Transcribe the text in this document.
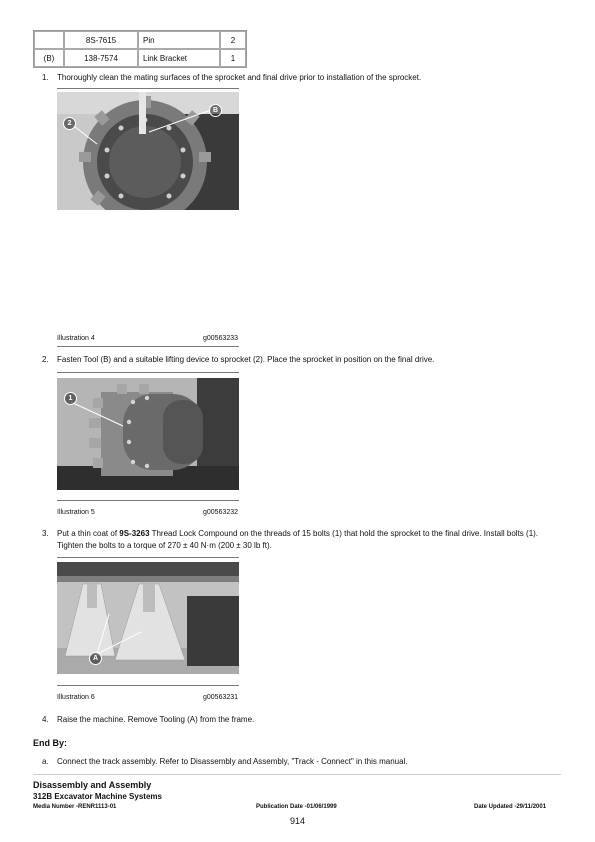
	8S-7615	Pin	2
(B)	138-7574	Link Bracket	1
1. Thoroughly clean the mating surfaces of the sprocket and final drive prior to installation of the sprocket.
2
B
Illustration 4	g00563233
2. Fasten Tool (B) and a suitable lifting device to sprocket (2). Place the sprocket in position on the final drive.
1
Illustration 5	g00563232
3. Put a thin coat of 9S-3263 Thread Lock Compound on the threads of 15 bolts (1) that hold the sprocket to the final drive. Install bolts (1). Tighten the bolts to a torque of 270 ± 40 N·m (200 ± 30 lb ft).
A
Illustration 6	g00563231
4. Raise the machine. Remove Tooling (A) from the frame.
End By:
a. Connect the track assembly. Refer to Disassembly and Assembly, "Track - Connect" in this manual.
Disassembly and Assembly
312B Excavator Machine Systems
Media Number -RENR1113-01	Publication Date -01/06/1999	Date Updated -29/11/2001
914
